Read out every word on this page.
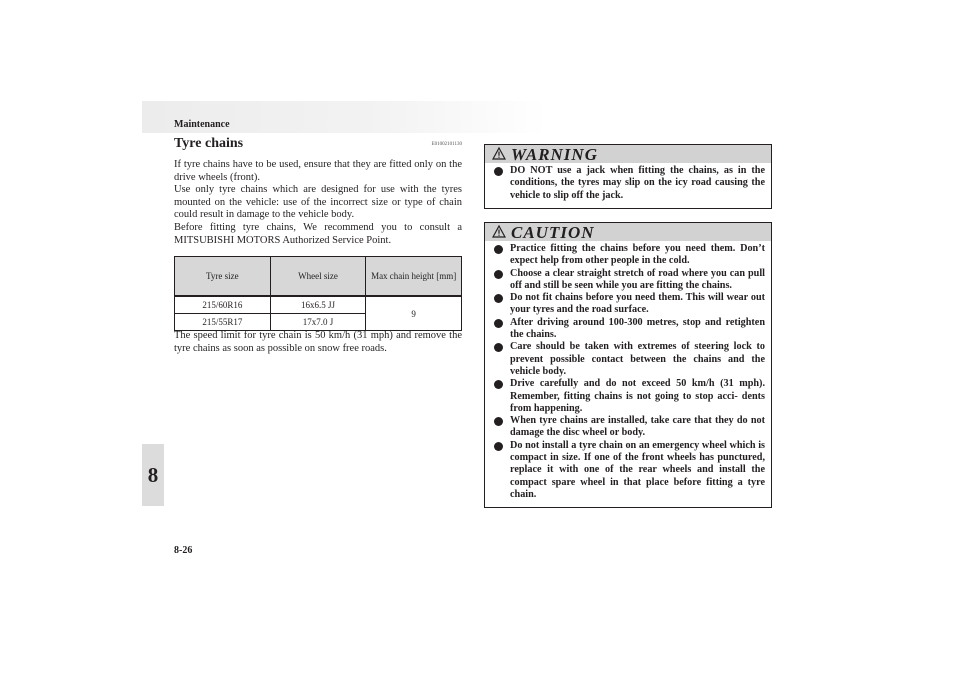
Maintenance
8
8-26
Tyre chains	E01002101130

If tyre chains have to be used, ensure that they are fitted only on the drive wheels (front).

Use only tyre chains which are designed for use with the tyres mounted on the vehicle: use of the incorrect size or type of chain could result in damage to the vehicle body.

Before fitting tyre chains, We recommend you to consult a MITSUBISHI MOTORS Authorized Service Point.

Tyre size	Wheel size	Max chain height [mm]
215/60R16	16x6.5 JJ	9
215/55R17	17x7.0 J	

The speed limit for tyre chain is 50 km/h (31 mph) and remove the tyre chains as soon as possible on snow free roads.

WARNING
DO NOT use a jack when fitting the chains, as in the conditions, the tyres may slip on the icy road causing the vehicle to slip off the jack.
CAUTION
Practice fitting the chains before you need them. Don’t expect help from other people in the cold.
Choose a clear straight stretch of road where you can pull off and still be seen while you are fitting the chains.
Do not fit chains before you need them. This will wear out your tyres and the road surface.
After driving around 100-300 metres, stop and retighten the chains.
Care should be taken with extremes of steering lock to prevent possible contact between the chains and the vehicle body.
Drive carefully and do not exceed 50 km/h (31 mph). Remember, fitting chains is not going to stop acci- dents from happening.
When tyre chains are installed, take care that they do not damage the disc wheel or body.
Do not install a tyre chain on an emergency wheel which is compact in size. If one of the front wheels has punctured, replace it with one of the rear wheels and install the compact spare wheel in that place before fitting a tyre chain.
